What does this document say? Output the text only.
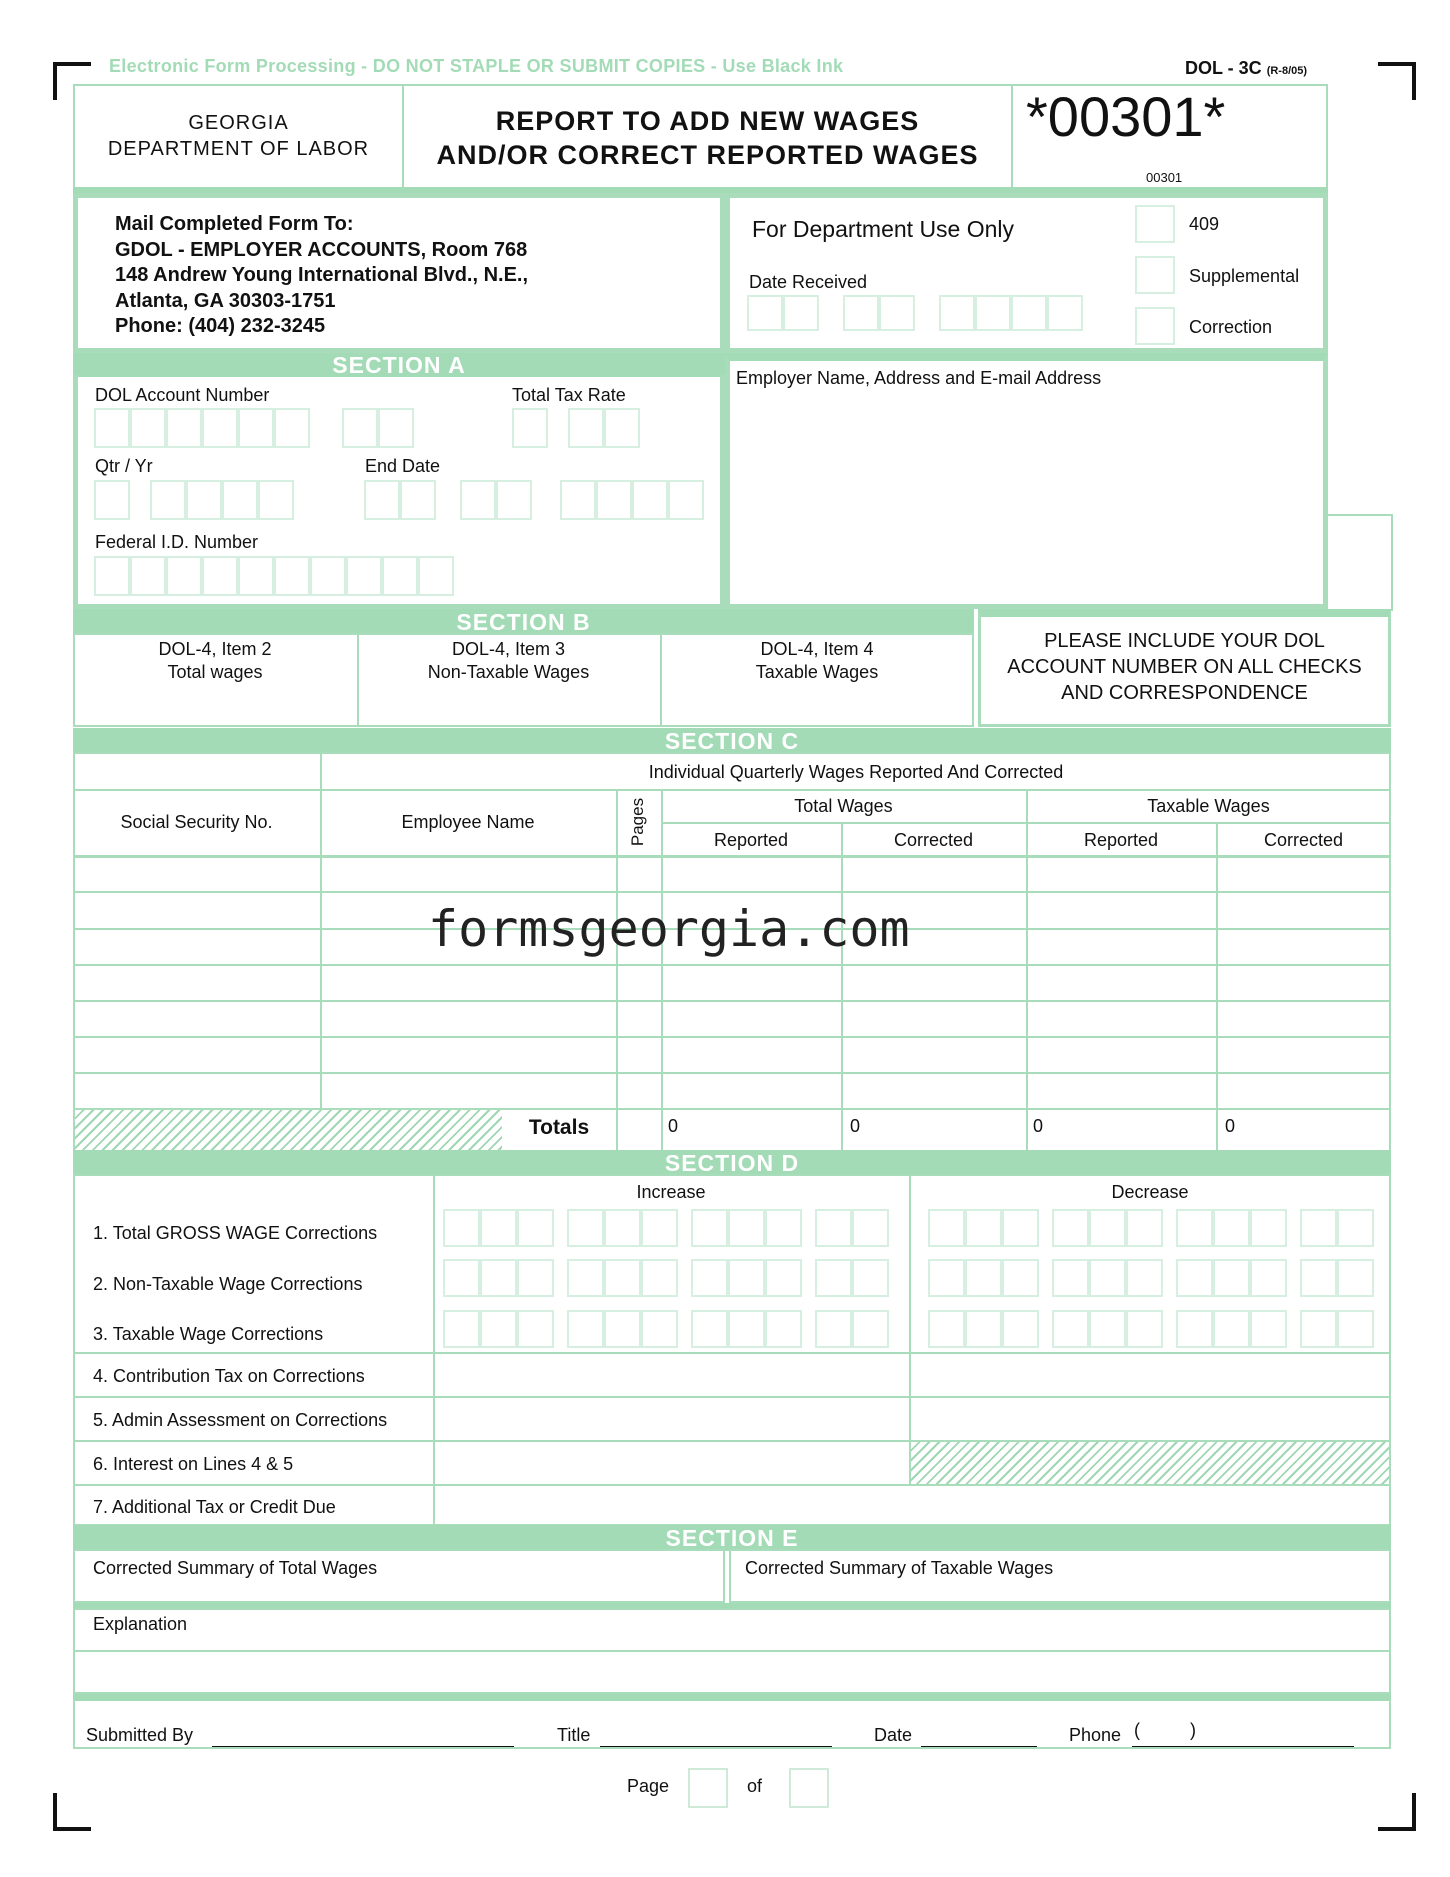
Electronic Form Processing - DO NOT STAPLE OR SUBMIT COPIES - Use Black Ink	DOL - 3C (R-8/05)
GEORGIA
DEPARTMENT OF LABOR
REPORT TO ADD NEW WAGES
AND/OR CORRECT REPORTED WAGES
*00301*
00301
Mail Completed Form To:
GDOL - EMPLOYER ACCOUNTS, Room 768
148 Andrew Young International Blvd., N.E.,
Atlanta, GA 30303-1751
Phone: (404) 232-3245
For Department Use Only
Date Received
409
Supplemental
Correction
SECTION A
DOL Account Number	Total Tax Rate
Qtr / Yr	End Date
Federal I.D. Number
Employer Name, Address and E-mail Address
SECTION B
DOL-4, Item 2
Total wages
DOL-4, Item 3
Non-Taxable Wages
DOL-4, Item 4
Taxable Wages
PLEASE INCLUDE YOUR DOL
ACCOUNT NUMBER ON ALL CHECKS
AND CORRESPONDENCE
SECTION C
Individual Quarterly Wages Reported And Corrected
Social Security No.	Employee Name	Pages	Total Wages	Taxable Wages
Reported	Corrected	Reported	Corrected
Totals	0	0	0	0
formsgeorgia.com
SECTION D
Increase	Decrease
1. Total GROSS WAGE Corrections
2. Non-Taxable Wage Corrections
3. Taxable Wage Corrections
4. Contribution Tax on Corrections
5. Admin Assessment on Corrections
6. Interest on Lines 4 & 5
7. Additional Tax or Credit Due
SECTION E
Corrected Summary of Total Wages	Corrected Summary of Taxable Wages
Explanation
Submitted By	Title	Date	Phone (          )
Page	of
